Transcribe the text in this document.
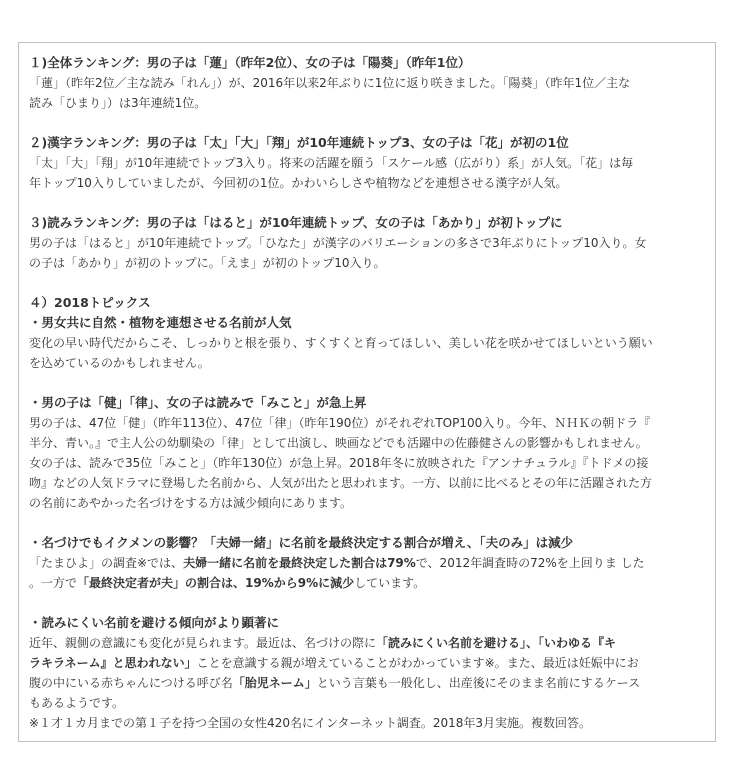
１)全体ランキング：男の子は「蓮」（昨年2位）、女の子は「陽葵」（昨年1位）
「蓮」（昨年2位／主な読み「れん」）が、2016年以来2年ぶりに1位に返り咲きました。「陽葵」（昨年1位／主な
読み「ひまり」）は3年連続1位。
２)漢字ランキング：男の子は「太」「大」「翔」が10年連続トップ3、女の子は「花」が初の1位
「太」「大」「翔」が10年連続でトップ3入り。将来の活躍を願う「スケール感（広がり）系」が人気。「花」は毎
年トップ10入りしていましたが、今回初の1位。かわいらしさや植物などを連想させる漢字が人気。
３)読みランキング：男の子は「はると」が10年連続トップ、女の子は「あかり」が初トップに
男の子は「はると」が10年連続でトップ。「ひなた」が漢字のバリエーションの多さで3年ぶりにトップ10入り。女
の子は「あかり」が初のトップに。「えま」が初のトップ10入り。
４）2018トピックス
・男女共に自然・植物を連想させる名前が人気
変化の早い時代だからこそ、しっかりと根を張り、すくすくと育ってほしい、美しい花を咲かせてほしいという願い
を込めているのかもしれません。
・男の子は「健」「律」、女の子は読みで「みこと」が急上昇
男の子は、47位「健」（昨年113位）、47位「律」（昨年190位）がそれぞれTOP100入り。今年、ＮＨＫの朝ドラ『
半分、青い。』で主人公の幼馴染の「律」として出演し、映画などでも活躍中の佐藤健さんの影響かもしれません。
女の子は、読みで35位「みこと」（昨年130位）が急上昇。2018年冬に放映された『アンナチュラル』『トドメの接
吻』などの人気ドラマに登場した名前から、人気が出たと思われます。一方、以前に比べるとその年に活躍された方
の名前にあやかった名づけをする方は減少傾向にあります。
・名づけでもイクメンの影響？「夫婦一緒」に名前を最終決定する割合が増え、「夫のみ」は減少
「たまひよ」の調査※では、夫婦一緒に名前を最終決定した割合は79%で、2012年調査時の72%を上回りま した
。一方で「最終決定者が夫」の割合は、19%から9%に減少しています。
・読みにくい名前を避ける傾向がより顕著に
近年、親側の意識にも変化が見られます。最近は、名づけの際に「読みにくい名前を避ける」、「いわゆる『キ
ラキラネーム』と思われない」ことを意識する親が増えていることがわかっています※。また、最近は妊娠中にお
腹の中にいる赤ちゃんにつける呼び名「胎児ネーム」という言葉も一般化し、出産後にそのまま名前にするケース
もあるようです。
※１才１カ月までの第１子を持つ全国の女性420名にインターネット調査。2018年3月実施。複数回答。
